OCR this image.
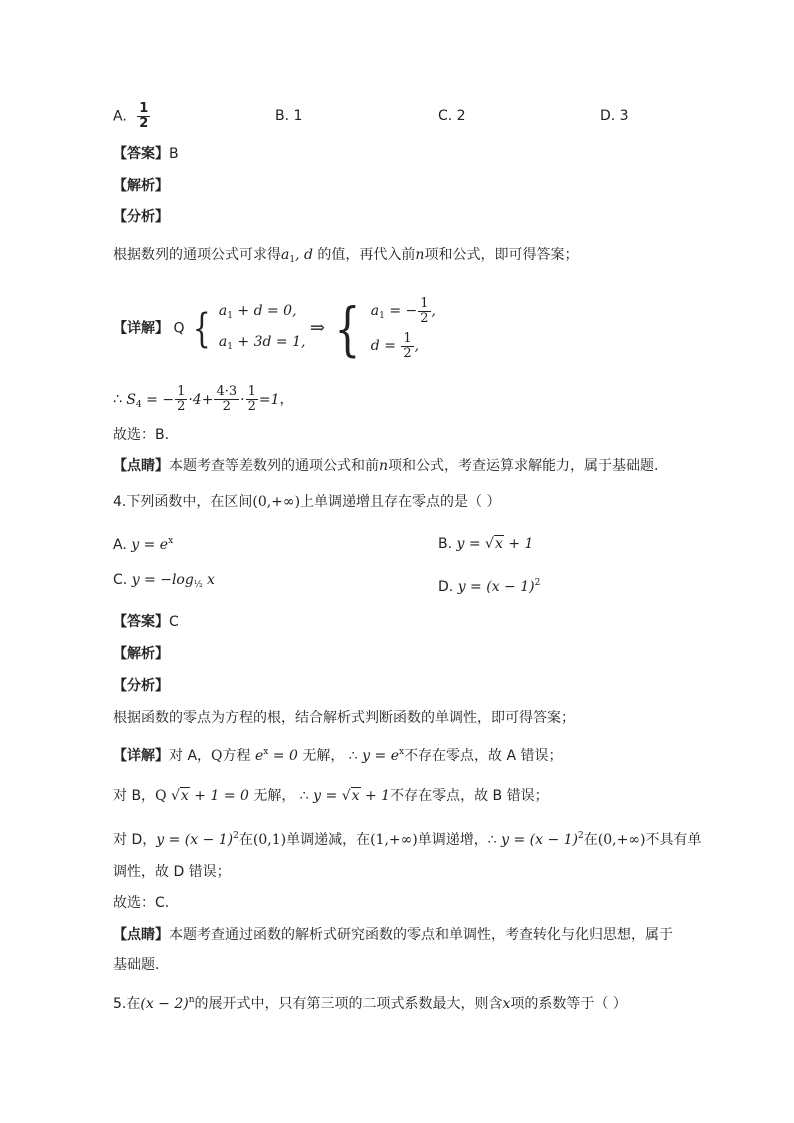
A. $\frac{1}{2}$	B. 1	C. 2	D. 3
【答案】B
【解析】
【分析】
根据数列的通项公式可求得$a_1$, d 的值，再代入前n项和公式，即可得答案；
【详解】 Q { $a_1 + d = 0$,
$a_1 + 3d = 1$,
⇒ { $a_1$ = − $\frac{1}{2}$ ,
$d = \frac{1}{2}$ ,
∴ $S_4$ = − $\frac{1}{2} \cdot 4+ \frac{4\cdot 3}{2} \cdot \frac{1}{2} =1$，
故选：B.
【点睛】本题考查等差数列的通项公式和前n项和公式，考查运算求解能力，属于基础题.
4.下列函数中，在区间(0,+∞)上单调递增且存在零点的是（ ）
A. $y = e^x$	B. y = √x + 1
C. $y = -\log_{\frac{1}{2}}$ x	D. $y = (x - 1)^2$
【答案】C
【解析】
【分析】
根据函数的零点为方程的根，结合解析式判断函数的单调性，即可得答案；
【详解】对 A，Q方程 $e^x = 0$ 无解， ∴ $y = e^x$不存在零点，故 A 错误；
对 B，Q √x + 1 = 0 无解， ∴ y = √x + 1不存在零点，故 B 错误；
对 D，$y = (x - 1)^2$在(0,1)单调递减，在(1,+∞)单调递增，∴ $y = (x - 1)^2$在(0,+∞)不具有单
调性，故 D 错误；
故选：C.
【点睛】本题考查通过函数的解析式研究函数的零点和单调性，考查转化与化归思想，属于
基础题.
5.在$(x - 2)^n$的展开式中，只有第三项的二项式系数最大，则含x项的系数等于（ ）
